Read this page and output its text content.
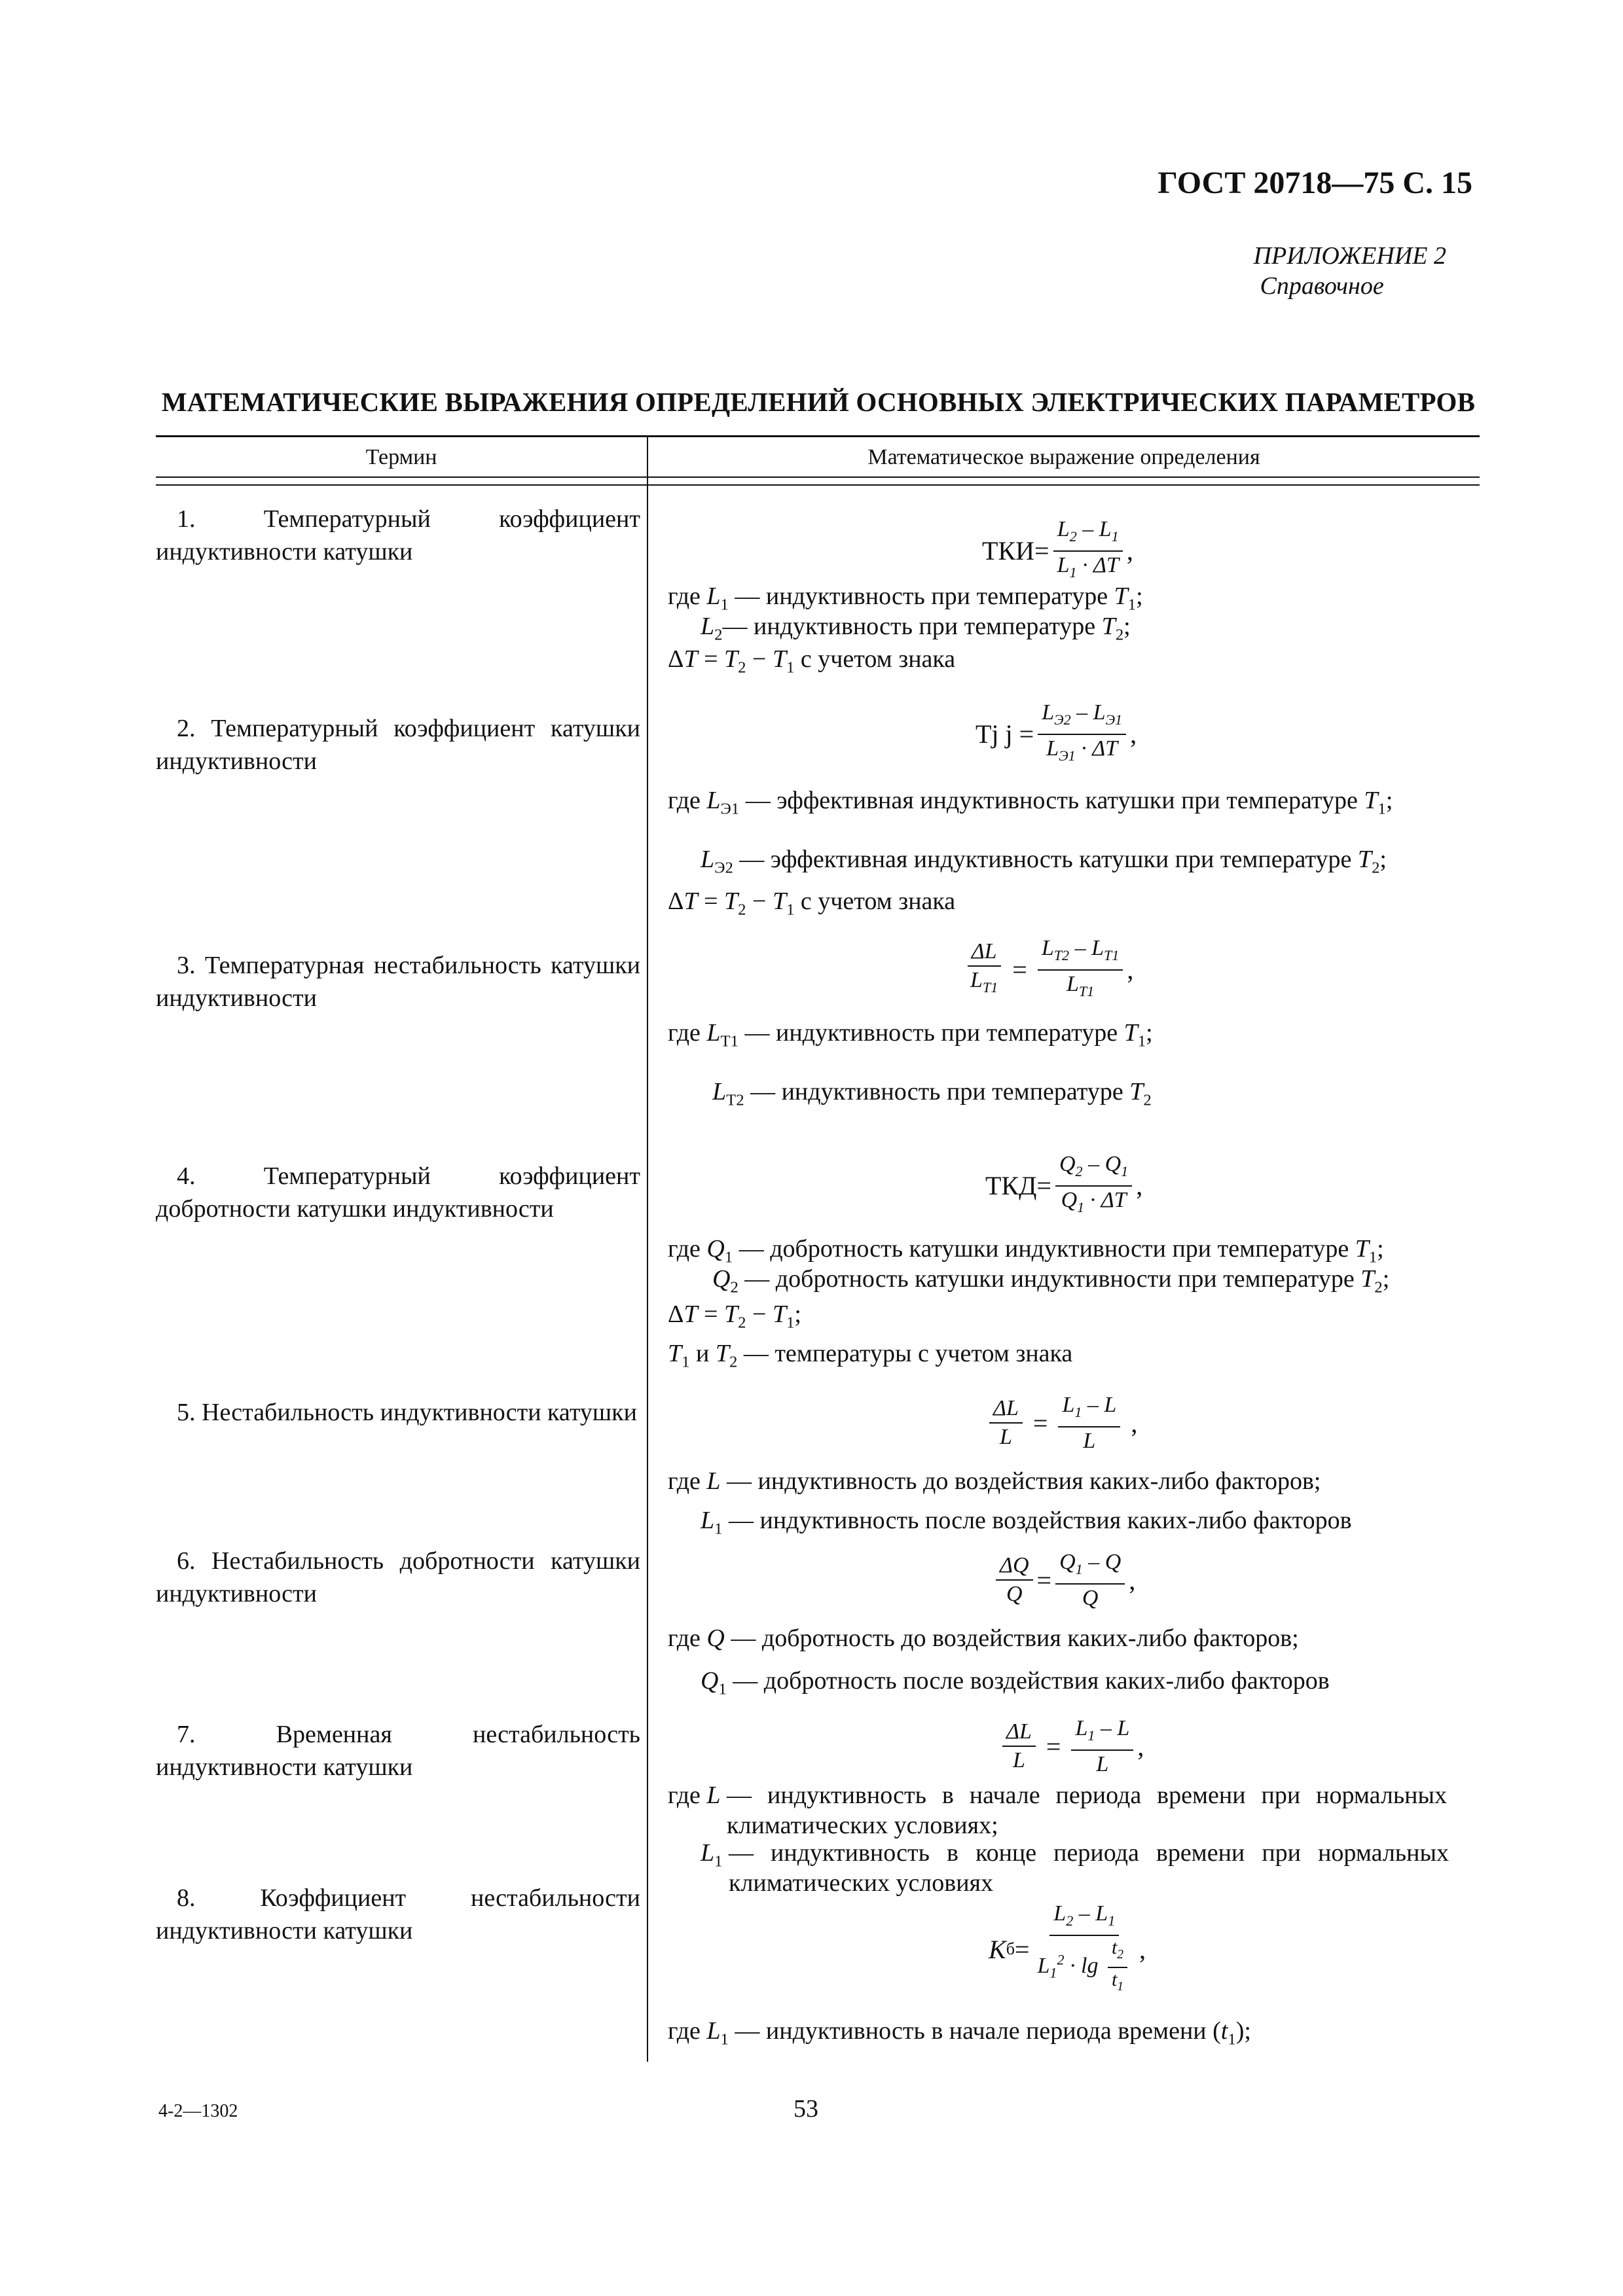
ГОСТ 20718—75 С. 15
ПРИЛОЖЕНИЕ 2

Справочное
МАТЕМАТИЧЕСКИЕ ВЫРАЖЕНИЯ ОПРЕДЕЛЕНИЙ ОСНОВНЫХ ЭЛЕКТРИЧЕСКИХ ПАРАМЕТРОВ
Термин	Математическое выражение определения
1. Температурный коэффициент индуктивности катушки
2. Температурный коэффициент катушки индуктивности
3. Температурная нестабильность катушки индуктивности
4. Температурный коэффициент добротности катушки индуктивности
5. Нестабильность индуктивности катушки
6. Нестабильность добротности катушки индуктивности
7. Временная нестабильность индуктивности катушки
8. Коэффициент нестабильности индуктивности катушки
ТКИ = $\frac{L_2 - L_1}{L_1 \cdot \Delta T}$ ,
где $L_1$ — индуктивность при температуре $T_1$;
$L_2—$ индуктивность при температуре $T_2$;
$\Delta T = T_2 - T_1$ с учетом знака
Tj $j = \frac{L_{Э2} - L_{Э1}}{L_{Э1} \cdot \Delta T}$ ,
где $L_{Э1}$ — эффективная индуктивность катушки при температуре $T_1$;
$L_{Э2}$ — эффективная индуктивность катушки при температуре $T_2$;
$\Delta T = T_2 - T_1$ с учетом знака
$\frac{\Delta L}{L_{T1}} = \frac{L_{T2} - L_{T1}}{L_{T1}}$ ,
где $L_{T1}$ — индуктивность при температуре $T_1$;
$L_{T2}$ — индуктивность при температуре $T_2$
ТКД = $\frac{Q_2 - Q_1}{Q_1 \cdot \Delta T}$ ,
где $Q_1$ — добротность катушки индуктивности при температуре $T_1$;
$Q_2$ — добротность катушки индуктивности при температуре $T_2$;
$\Delta T = T_2 - T_1$;
$T_1$ и $T_2$ — температуры с учетом знака
$\frac{\Delta L}{L} = \frac{L_1 - L}{L}$ ,
где L — индуктивность до воздействия каких-либо факторов;
$L_1$ — индуктивность после воздействия каких-либо факторов
$\frac{\Delta Q}{Q} = \frac{Q_1 - Q}{Q}$ ,
где Q — добротность до воздействия каких-либо факторов;
$Q_1$ — добротность после воздействия каких-либо факторов
$\frac{\Delta L}{L} = \frac{L_1 - L}{L}$ ,
где L — индуктивность в начале периода времени при нормальных климатических условиях;
$L_1$ — индуктивность в конце периода времени при нормальных климатических условиях
K $б = \frac{L_2 - L_1}{L_1^2 \cdot \lg \frac{t_2}{t_1}}$ ,
где $L_1$ — индуктивность в начале периода времени $(t_1)$;
4-2—1302	53
